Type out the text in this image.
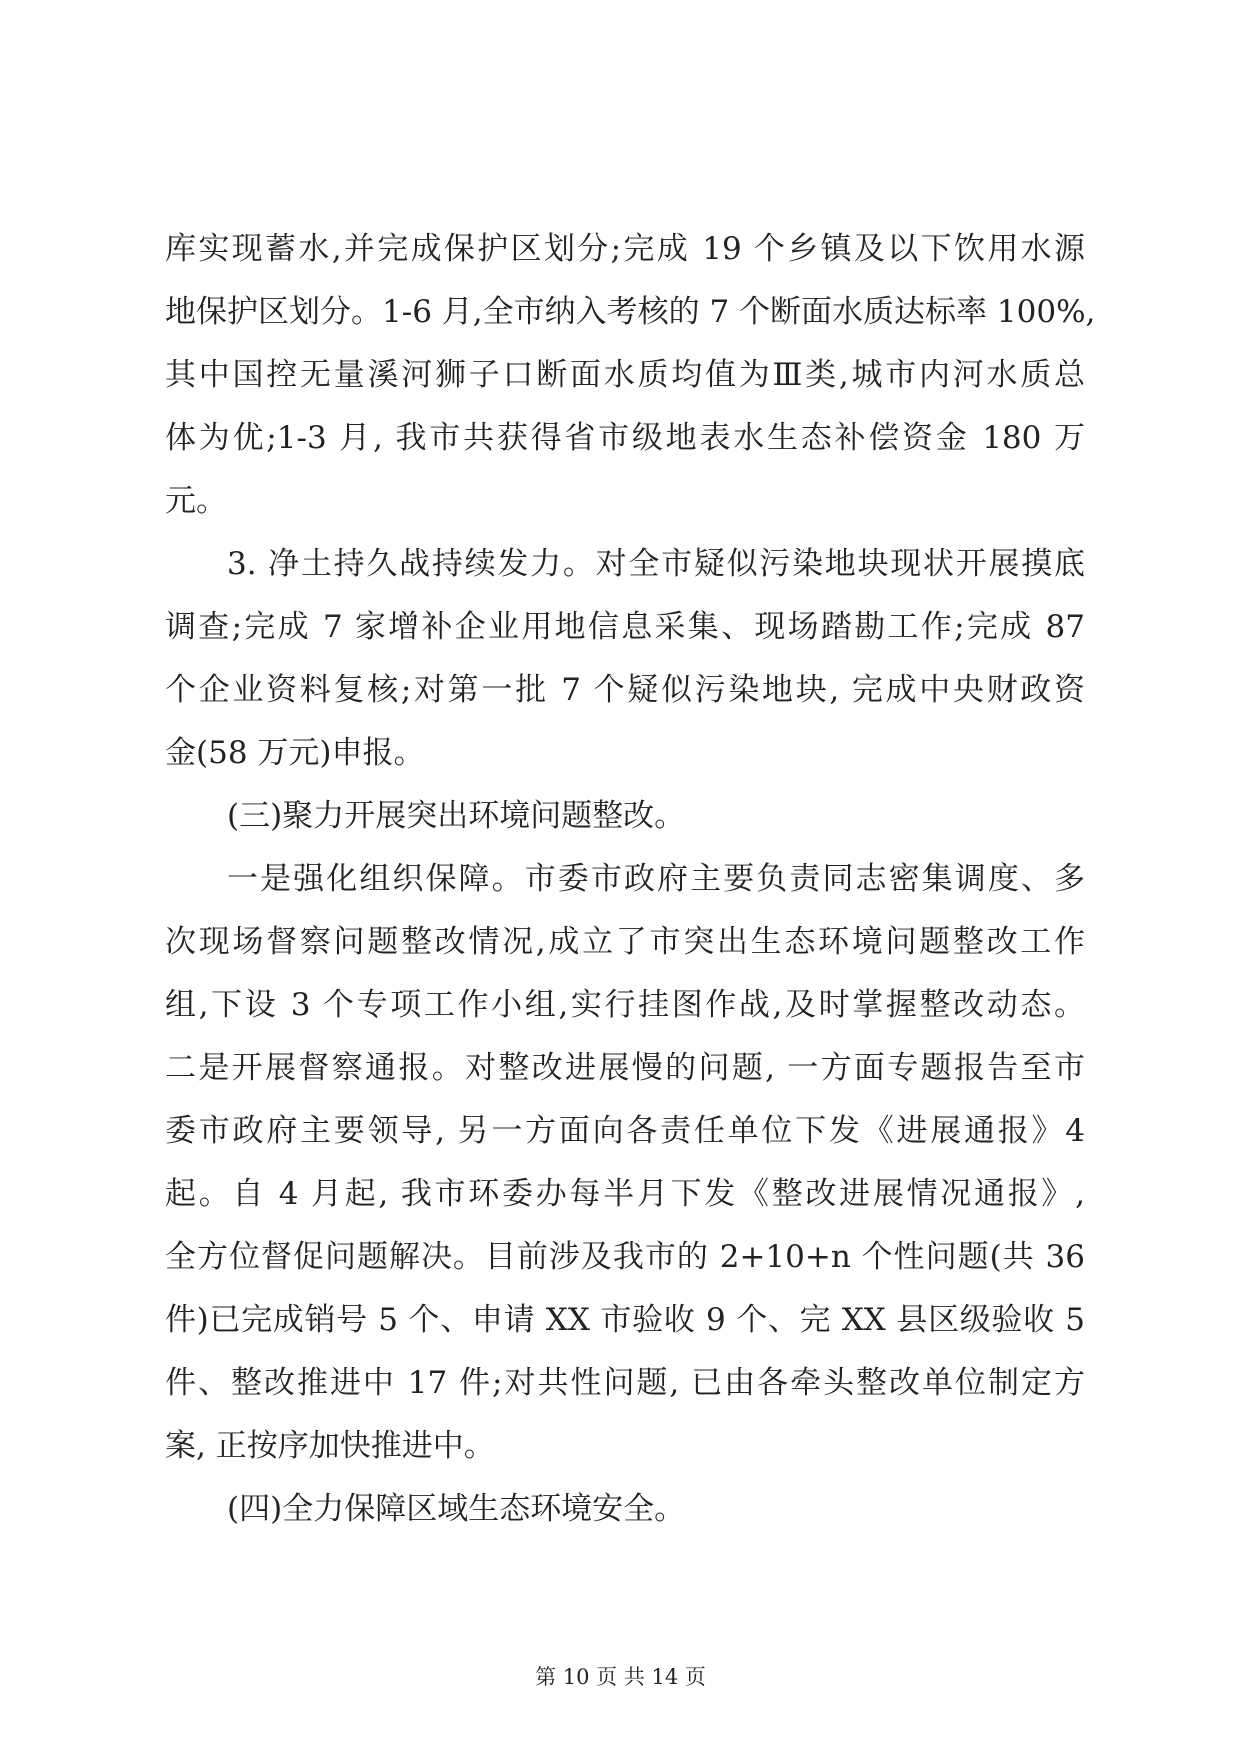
库实现蓄水,并完成保护区划分;完成 19 个乡镇及以下饮用水源
地保护区划分。1-6 月,全市纳入考核的 7 个断面水质达标率 100%,
其中国控无量溪河狮子口断面水质均值为Ⅲ类,城市内河水质总
体为优;1-3 月, 我市共获得省市级地表水生态补偿资金 180 万
元。
3. 净土持久战持续发力。对全市疑似污染地块现状开展摸底
调查;完成 7 家增补企业用地信息采集、现场踏勘工作;完成 87
个企业资料复核;对第一批 7 个疑似污染地块, 完成中央财政资
金(58 万元)申报。
(三)聚力开展突出环境问题整改。
一是强化组织保障。市委市政府主要负责同志密集调度、多
次现场督察问题整改情况,成立了市突出生态环境问题整改工作
组,下设 3 个专项工作小组,实行挂图作战,及时掌握整改动态。
二是开展督察通报。对整改进展慢的问题, 一方面专题报告至市
委市政府主要领导, 另一方面向各责任单位下发《进展通报》4
起。自 4 月起, 我市环委办每半月下发《整改进展情况通报》,
全方位督促问题解决。目前涉及我市的 2+10+n 个性问题(共 36
件)已完成销号 5 个、申请 XX 市验收 9 个、完 XX 县区级验收 5
件、整改推进中 17 件;对共性问题, 已由各牵头整改单位制定方
案, 正按序加快推进中。
(四)全力保障区域生态环境安全。
第 10 页 共 14 页
